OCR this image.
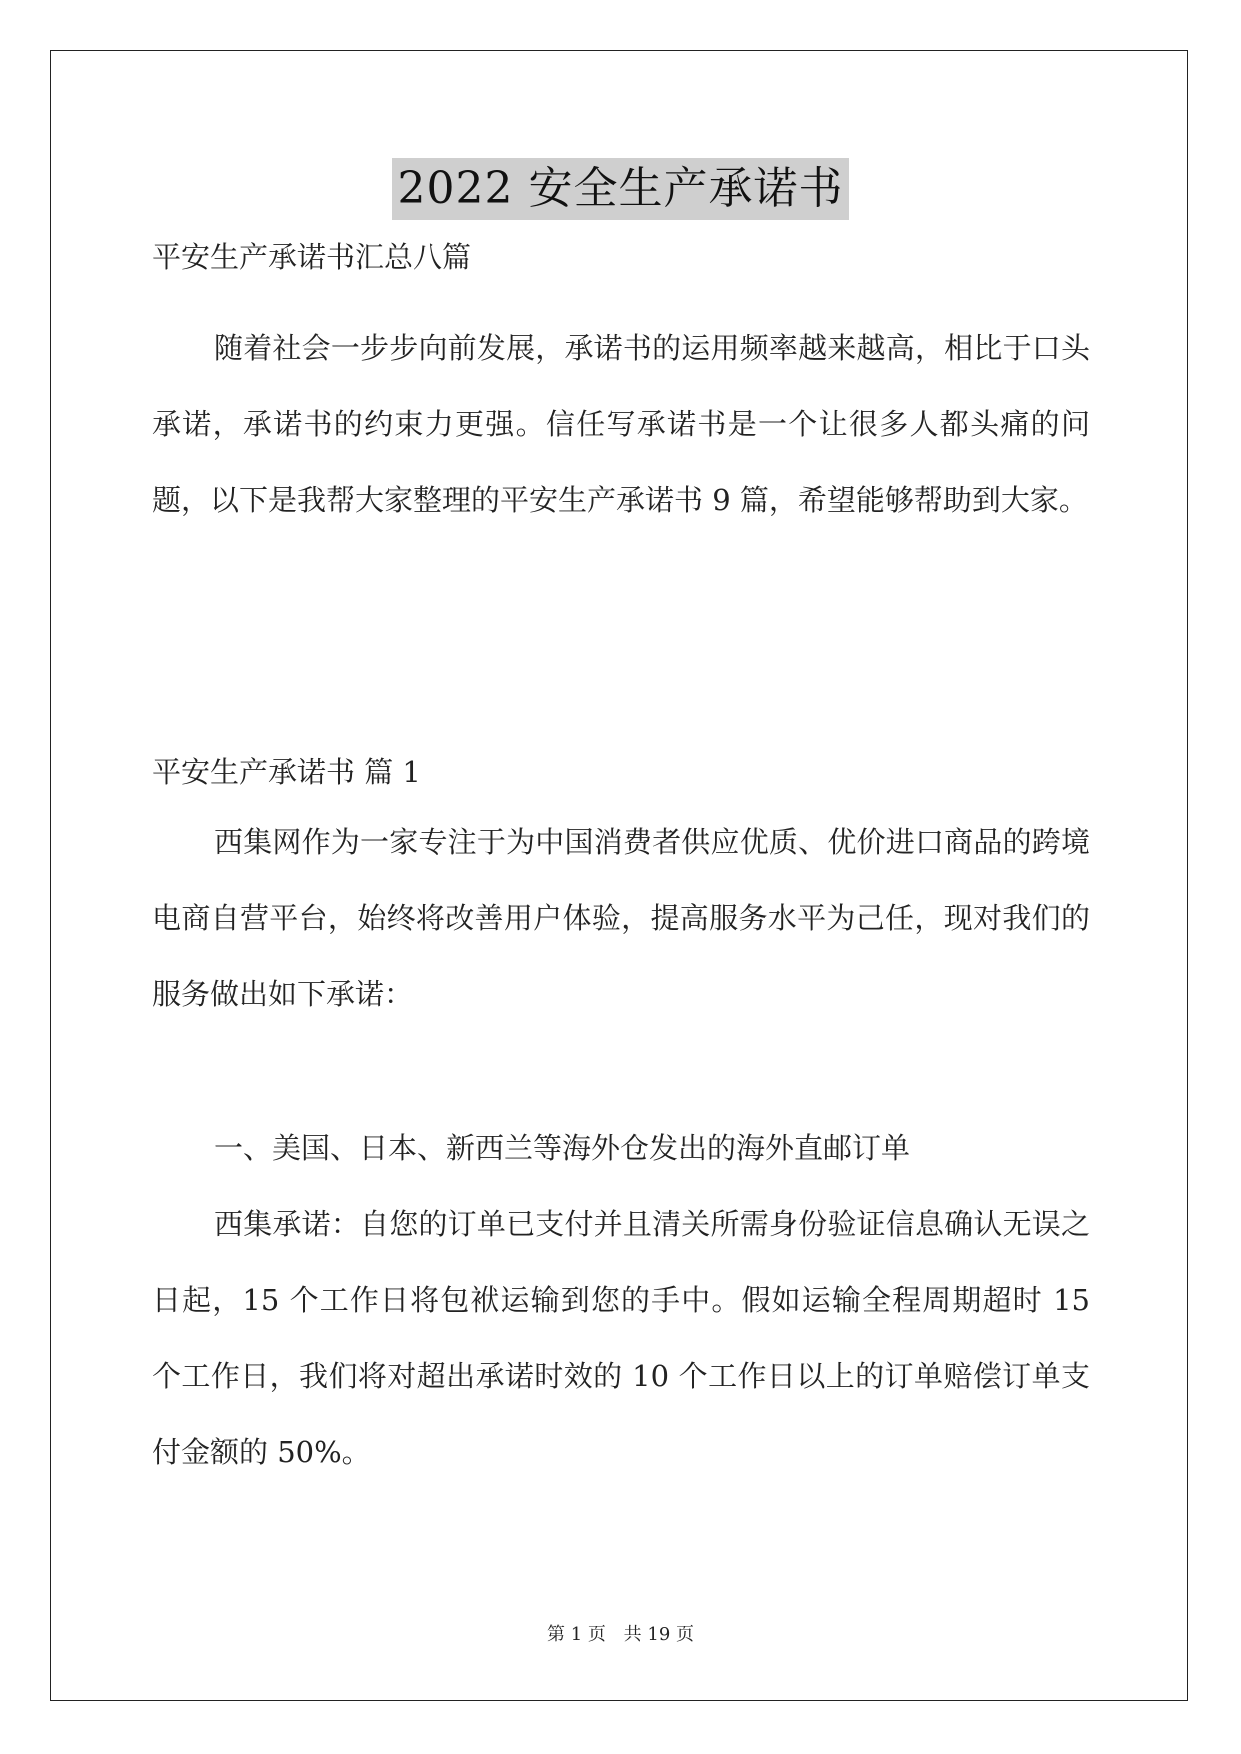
2022 安全生产承诺书

平安生产承诺书汇总八篇

随着社会一步步向前发展，承诺书的运用频率越来越高，相比于口头承诺，承诺书的约束力更强。信任写承诺书是一个让很多人都头痛的问题，以下是我帮大家整理的平安生产承诺书 9 篇，希望能够帮助到大家。

平安生产承诺书 篇 1

西集网作为一家专注于为中国消费者供应优质、优价进口商品的跨境电商自营平台，始终将改善用户体验，提高服务水平为己任，现对我们的服务做出如下承诺：

一、美国、日本、新西兰等海外仓发出的海外直邮订单

西集承诺：自您的订单已支付并且清关所需身份验证信息确认无误之日起，15 个工作日将包袱运输到您的手中。假如运输全程周期超时 15 个工作日，我们将对超出承诺时效的 10 个工作日以上的订单赔偿订单支付金额的 50%。

第 1 页 共 19 页
